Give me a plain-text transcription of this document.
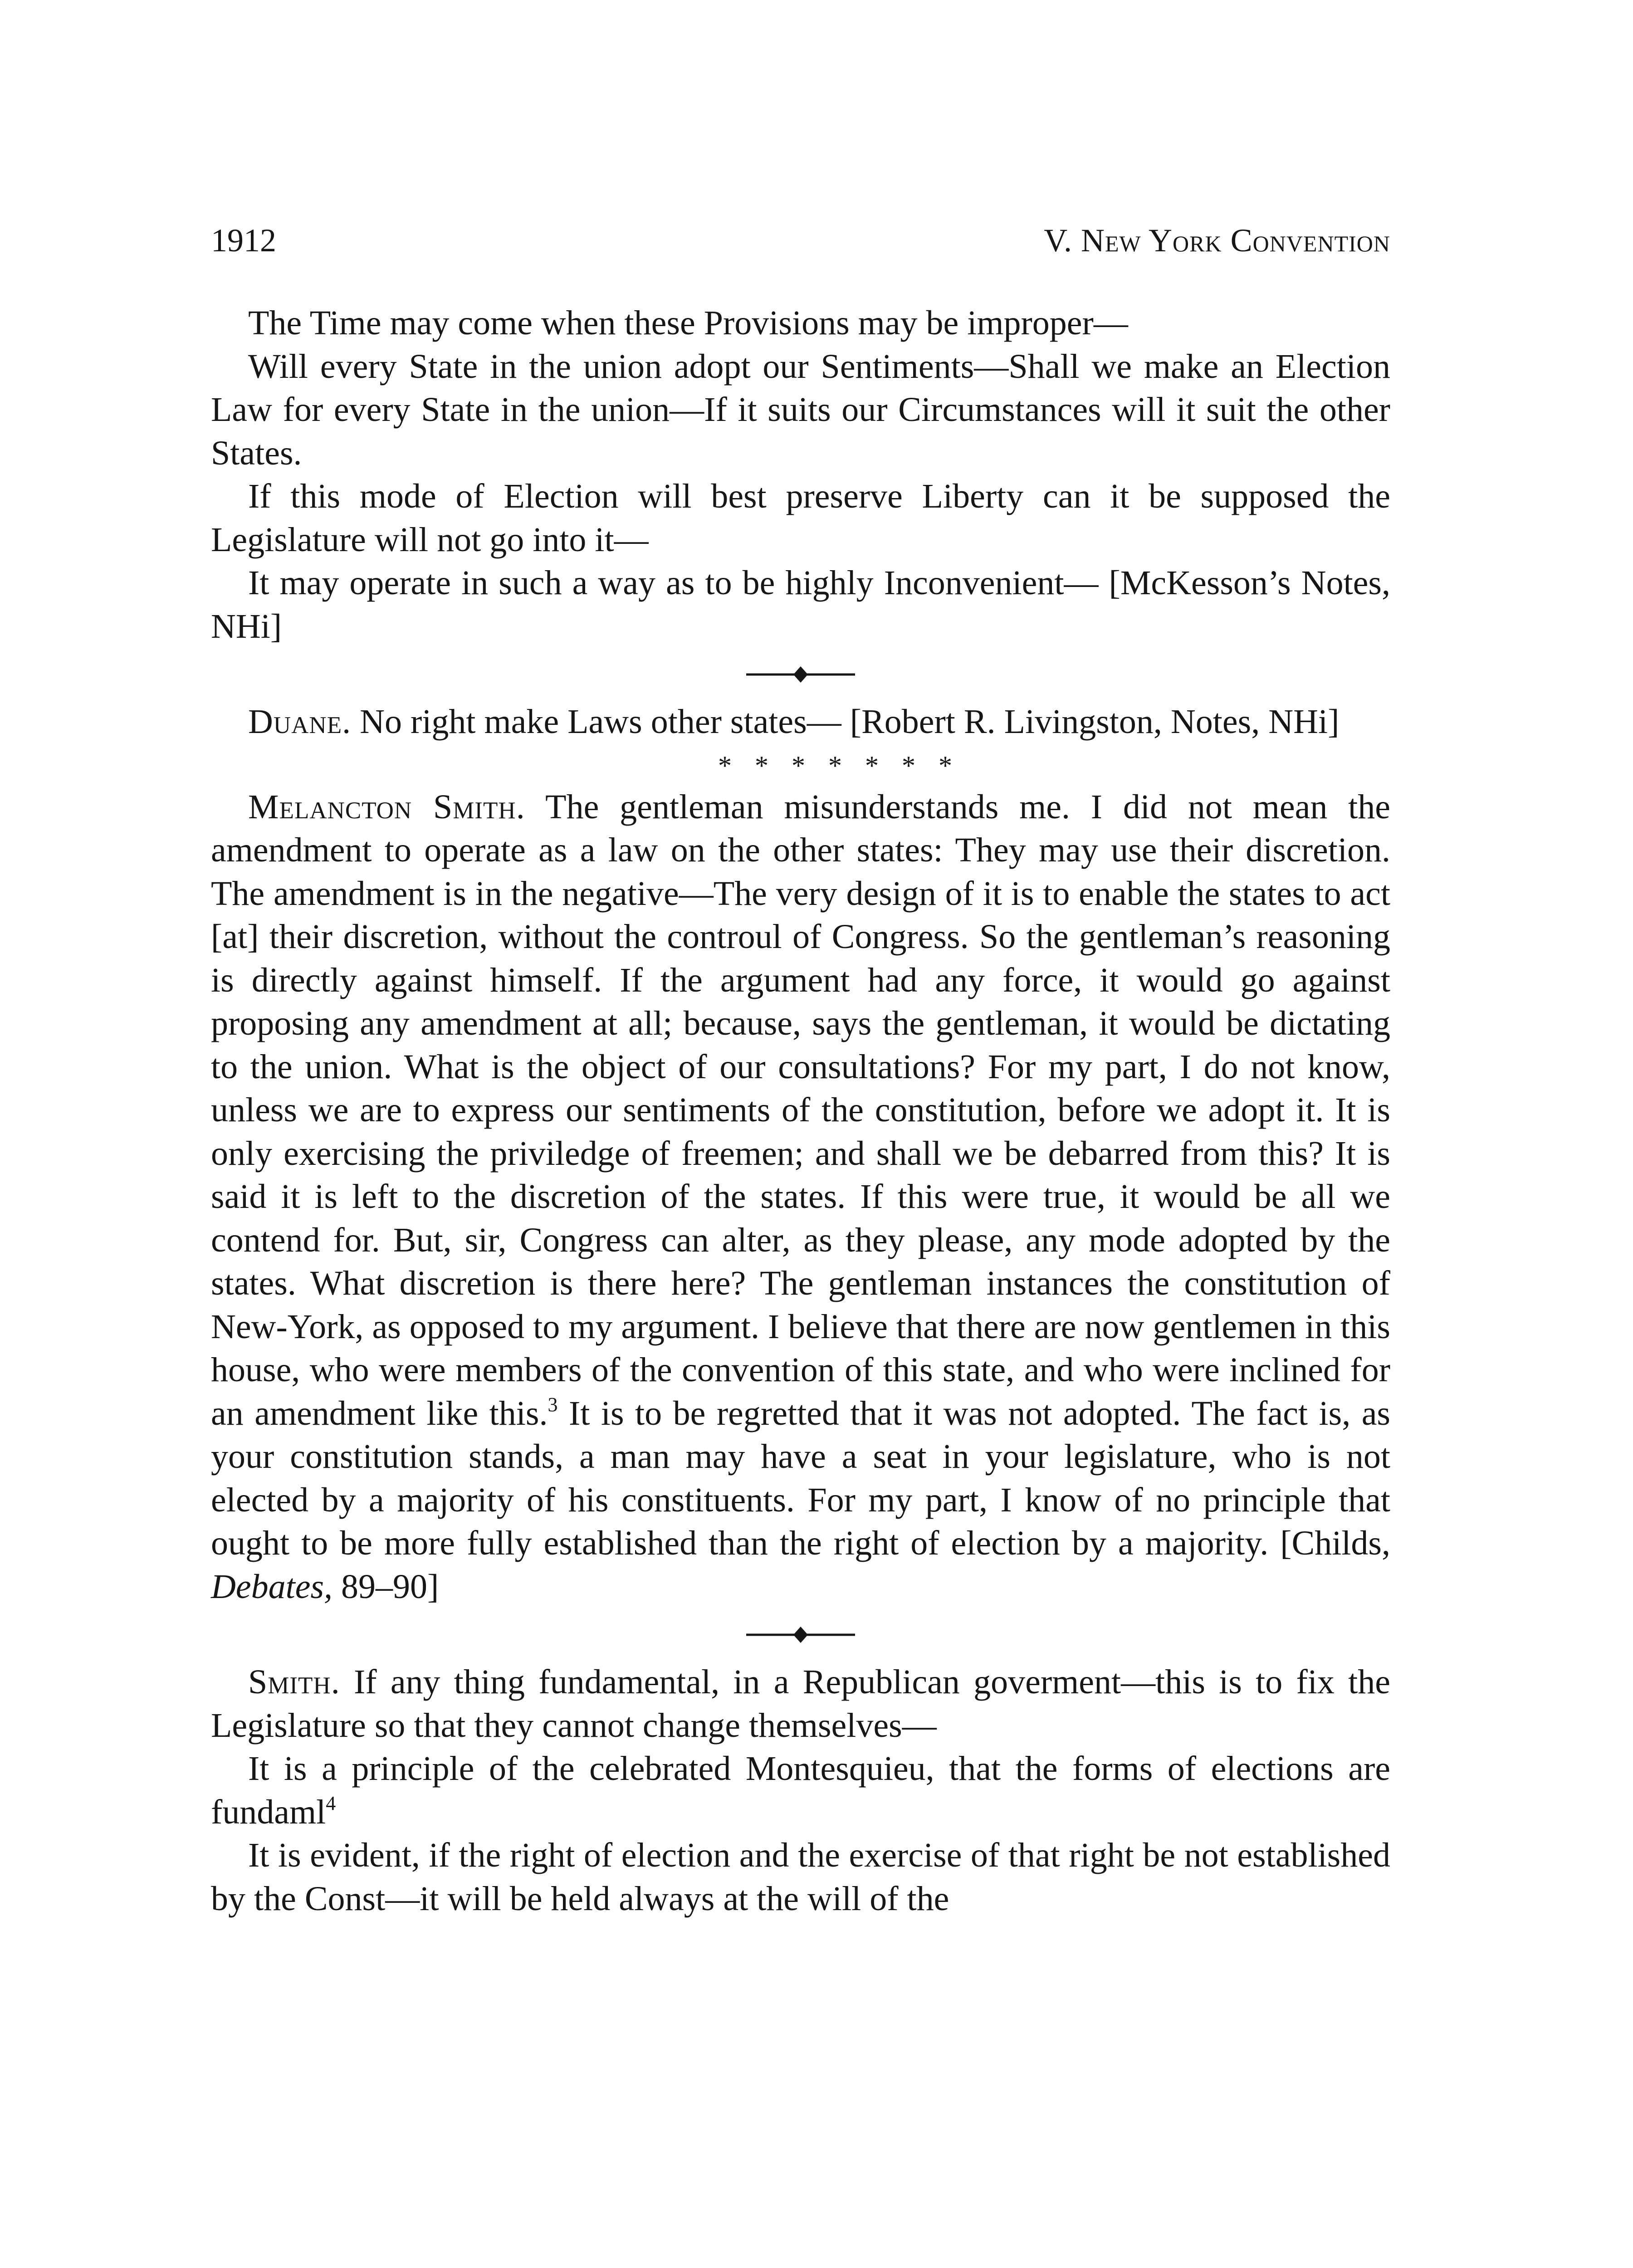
1912	V. New York Convention

The Time may come when these Provisions may be improper—

Will every State in the union adopt our Sentiments—Shall we make an Election Law for every State in the union—If it suits our Circumstances will it suit the other States.

If this mode of Election will best preserve Liberty can it be supposed the Legislature will not go into it—

It may operate in such a way as to be highly Inconvenient— [McKesson’s Notes, NHi]

Duane. No right make Laws other states— [Robert R. Livingston, Notes, NHi]

* * * * * * *

Melancton Smith. The gentleman misunderstands me. I did not mean the amendment to operate as a law on the other states: They may use their discretion. The amendment is in the negative—The very design of it is to enable the states to act [at] their discretion, without the controul of Congress. So the gentleman’s reasoning is directly against himself. If the argument had any force, it would go against proposing any amendment at all; because, says the gentleman, it would be dictating to the union. What is the object of our consultations? For my part, I do not know, unless we are to express our sentiments of the constitution, before we adopt it. It is only exercising the priviledge of freemen; and shall we be debarred from this? It is said it is left to the discretion of the states. If this were true, it would be all we contend for. But, sir, Congress can alter, as they please, any mode adopted by the states. What discretion is there here? The gentleman instances the constitution of New-York, as opposed to my argument. I believe that there are now gentlemen in this house, who were members of the convention of this state, and who were inclined for an amendment like this.$^3$ It is to be regretted that it was not adopted. The fact is, as your constitution stands, a man may have a seat in your legislature, who is not elected by a majority of his constituents. For my part, I know of no principle that ought to be more fully established than the right of election by a majority. [Childs, Debates, 89–90]

Smith. If any thing fundamental, in a Republican goverment—this is to fix the Legislature so that they cannot change themselves—

It is a principle of the celebrated Montesquieu, that the forms of elections are fundaml$^4$

It is evident, if the right of election and the exercise of that right be not established by the Const—it will be held always at the will of the
